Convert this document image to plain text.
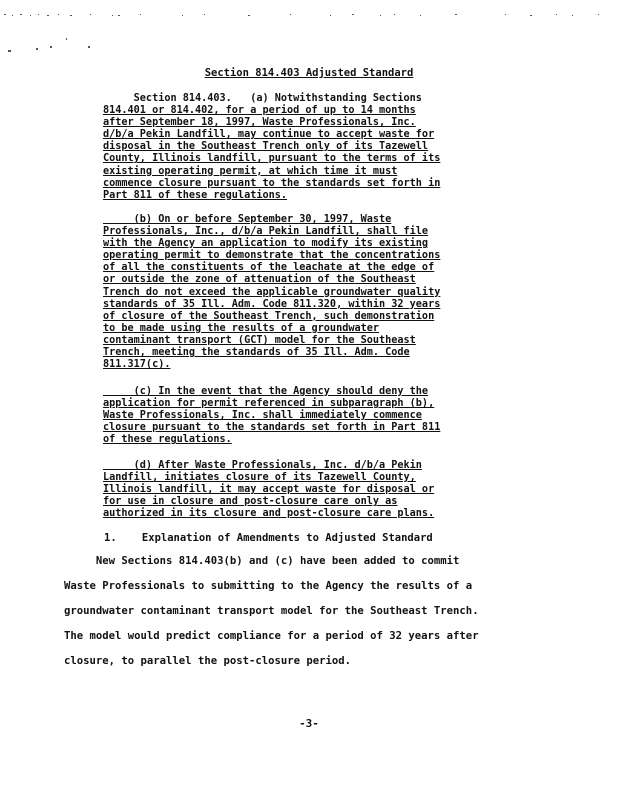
Section 814.403 Adjusted Standard
Section 814.403.   (a) Notwithstanding Sections
814.401 or 814.402, for a period of up to 14 months
after September 18, 1997, Waste Professionals, Inc.
d/b/a Pekin Landfill, may continue to accept waste for
disposal in the Southeast Trench only of its Tazewell
County, Illinois landfill, pursuant to the terms of its
existing operating permit, at which time it must
commence closure pursuant to the standards set forth in
Part 811 of these regulations.
(b) On or before September 30, 1997, Waste
Professionals, Inc., d/b/a Pekin Landfill, shall file
with the Agency an application to modify its existing
operating permit to demonstrate that the concentrations
of all the constituents of the leachate at the edge of
or outside the zone of attenuation of the Southeast
Trench do not exceed the applicable groundwater quality
standards of 35 Ill. Adm. Code 811.320, within 32 years
of closure of the Southeast Trench, such demonstration
to be made using the results of a groundwater
contaminant transport (GCT) model for the Southeast
Trench, meeting the standards of 35 Ill. Adm. Code
811.317(c).
(c) In the event that the Agency should deny the
application for permit referenced in subparagraph (b),
Waste Professionals, Inc. shall immediately commence
closure pursuant to the standards set forth in Part 811
of these regulations.
(d) After Waste Professionals, Inc. d/b/a Pekin
Landfill, initiates closure of its Tazewell County,
Illinois landfill, it may accept waste for disposal or
for use in closure and post-closure care only as
authorized in its closure and post-closure care plans.
1.    Explanation of Amendments to Adjusted Standard
New Sections 814.403(b) and (c) have been added to commit
Waste Professionals to submitting to the Agency the results of a
groundwater contaminant transport model for the Southeast Trench.
The model would predict compliance for a period of 32 years after
closure, to parallel the post-closure period.
-3-
